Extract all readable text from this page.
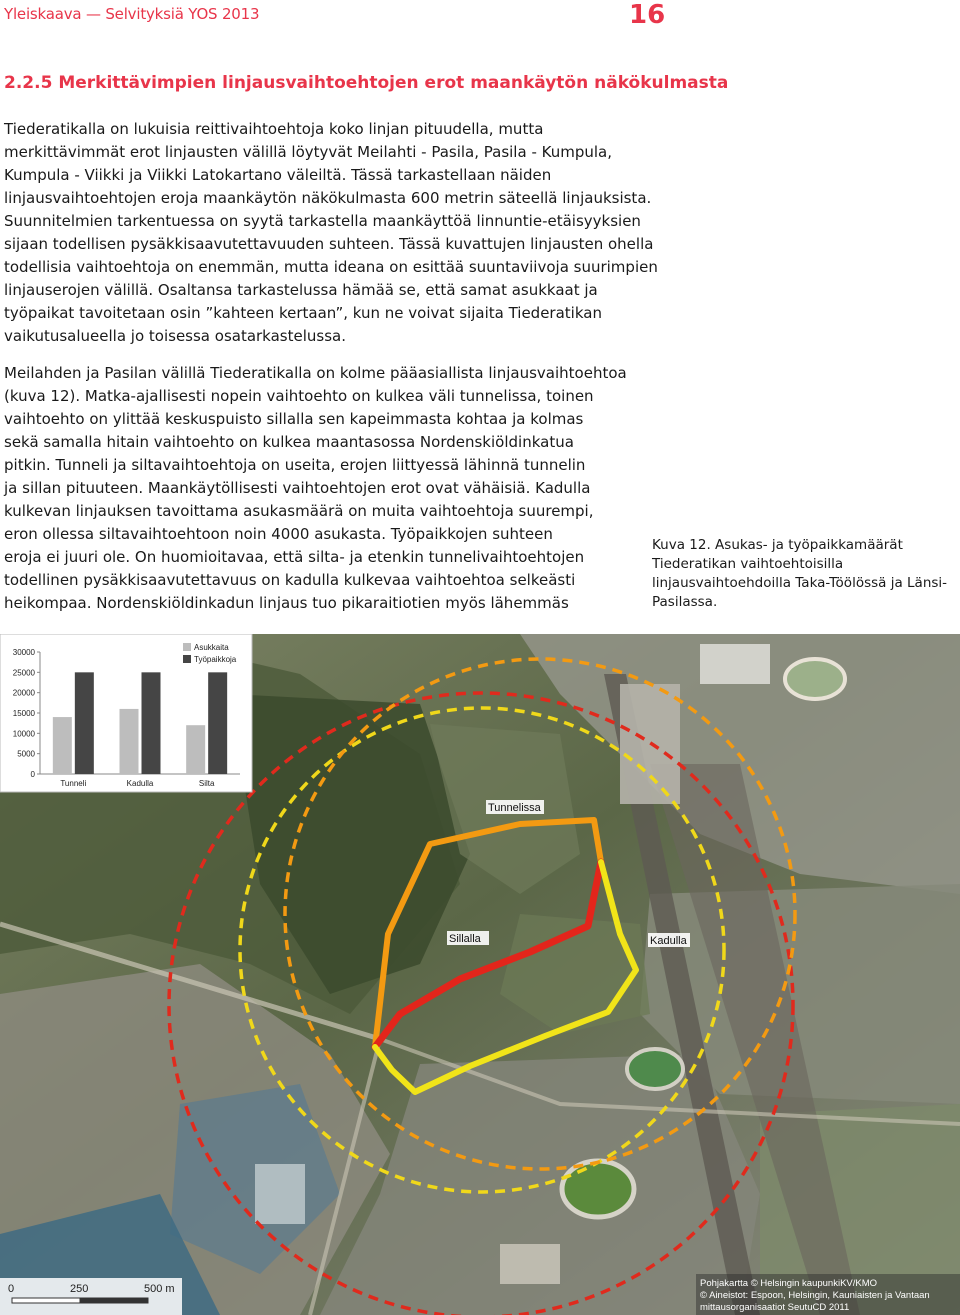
Yleiskaava — Selvityksiä YOS 2013	16
2.2.5 Merkittävimpien linjausvaihtoehtojen erot maankäytön näkökulmasta

Tiederatikalla on lukuisia reittivaihtoehtoja koko linjan pituudella, mutta
merkittävimmät erot linjausten välillä löytyvät Meilahti - Pasila, Pasila - Kumpula,
Kumpula - Viikki ja Viikki Latokartano väleiltä. Tässä tarkastellaan näiden
linjausvaihtoehtojen eroja maankäytön näkökulmasta 600 metrin säteellä linjauksista.
Suunnitelmien tarkentuessa on syytä tarkastella maankäyttöä linnuntie-etäisyyksien
sijaan todellisen pysäkkisaavutettavuuden suhteen. Tässä kuvattujen linjausten ohella
todellisia vaihtoehtoja on enemmän, mutta ideana on esittää suuntaviivoja suurimpien
linjauserojen välillä. Osaltansa tarkastelussa hämää se, että samat asukkaat ja
työpaikat tavoitetaan osin ”kahteen kertaan”, kun ne voivat sijaita Tiederatikan
vaikutusalueella jo toisessa osatarkastelussa.

Meilahden ja Pasilan välillä Tiederatikalla on kolme pääasiallista linjausvaihtoehtoa
(kuva 12). Matka-ajallisesti nopein vaihtoehto on kulkea väli tunnelissa, toinen
vaihtoehto on ylittää keskuspuisto sillalla sen kapeimmasta kohtaa ja kolmas
sekä samalla hitain vaihtoehto on kulkea maantasossa Nordenskiöldinkatua
pitkin. Tunneli ja siltavaihtoehtoja on useita, erojen liittyessä lähinnä tunnelin
ja sillan pituuteen. Maankäytöllisesti vaihtoehtojen erot ovat vähäisiä. Kadulla
kulkevan linjauksen tavoittama asukasmäärä on muita vaihtoehtoja suurempi,
eron ollessa siltavaihtoehtoon noin 4000 asukasta. Työpaikkojen suhteen
eroja ei juuri ole. On huomioitavaa, että silta- ja etenkin tunnelivaihtoehtojen
todellinen pysäkkisaavutettavuus on kadulla kulkevaa vaihtoehtoa selkeästi
heikompaa. Nordenskiöldinkadun linjaus tuo pikaraitiotien myös lähemmäs

Kuva 12. Asukas- ja työpaikkamäärät
Tiederatikan vaihtoehtoisilla
linjausvaihtoehdoilla Taka-Töölössä ja Länsi-
Pasilassa.

Tunnelissa
Sillalla	Kadulla
0
5000
10000
15000
20000
25000
30000
Tunneli	Kadulla	Silta
Asukkaita
Työpaikkoja
0	250	500 m	Pohjakartta © Helsingin kaupunkiKV/KMO
© Aineistot: Espoon, Helsingin, Kauniaisten ja Vantaan
mittausorganisaatiot SeutuCD 2011
